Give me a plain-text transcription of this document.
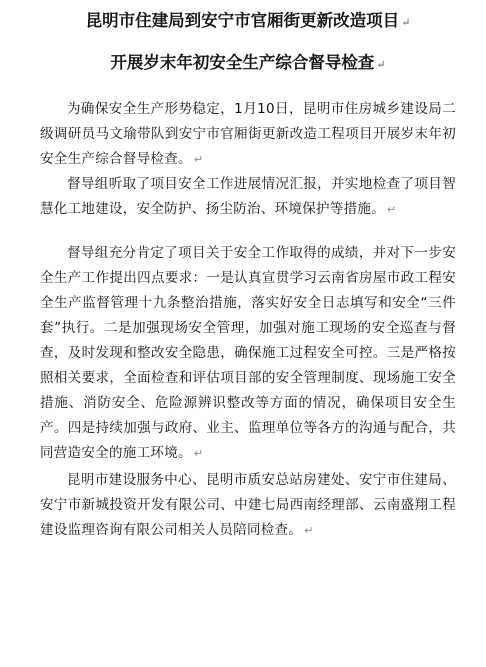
昆明市住建局到安宁市官厢街更新改造项目 ↵

开展岁末年初安全生产综合督导检查 ↵

为确保安全生产形势稳定，1月10日，昆明市住房城乡建设局二级调研员马文瑜带队到安宁市官厢街更新改造工程项目开展岁末年初安全生产综合督导检查。 ↵

督导组听取了项目安全工作进展情况汇报，并实地检查了项目智慧化工地建设，安全防护、扬尘防治、环境保护等措施。 ↵

督导组充分肯定了项目关于安全工作取得的成绩，并对下一步安全生产工作提出四点要求：一是认真宣贯学习云南省房屋市政工程安全生产监督管理十九条整治措施，落实好安全日志填写和安全“三件套”执行。二是加强现场安全管理，加强对施工现场的安全巡查与督查，及时发现和整改安全隐患，确保施工过程安全可控。三是严格按照相关要求，全面检查和评估项目部的安全管理制度、现场施工安全措施、消防安全、危险源辨识整改等方面的情况，确保项目安全生产。四是持续加强与政府、业主、监理单位等各方的沟通与配合，共同营造安全的施工环境。 ↵

昆明市建设服务中心、昆明市质安总站房建处、安宁市住建局、安宁市新城投资开发有限公司、中建七局西南经理部、云南盛翔工程建设监理咨询有限公司相关人员陪同检查。 ↵
